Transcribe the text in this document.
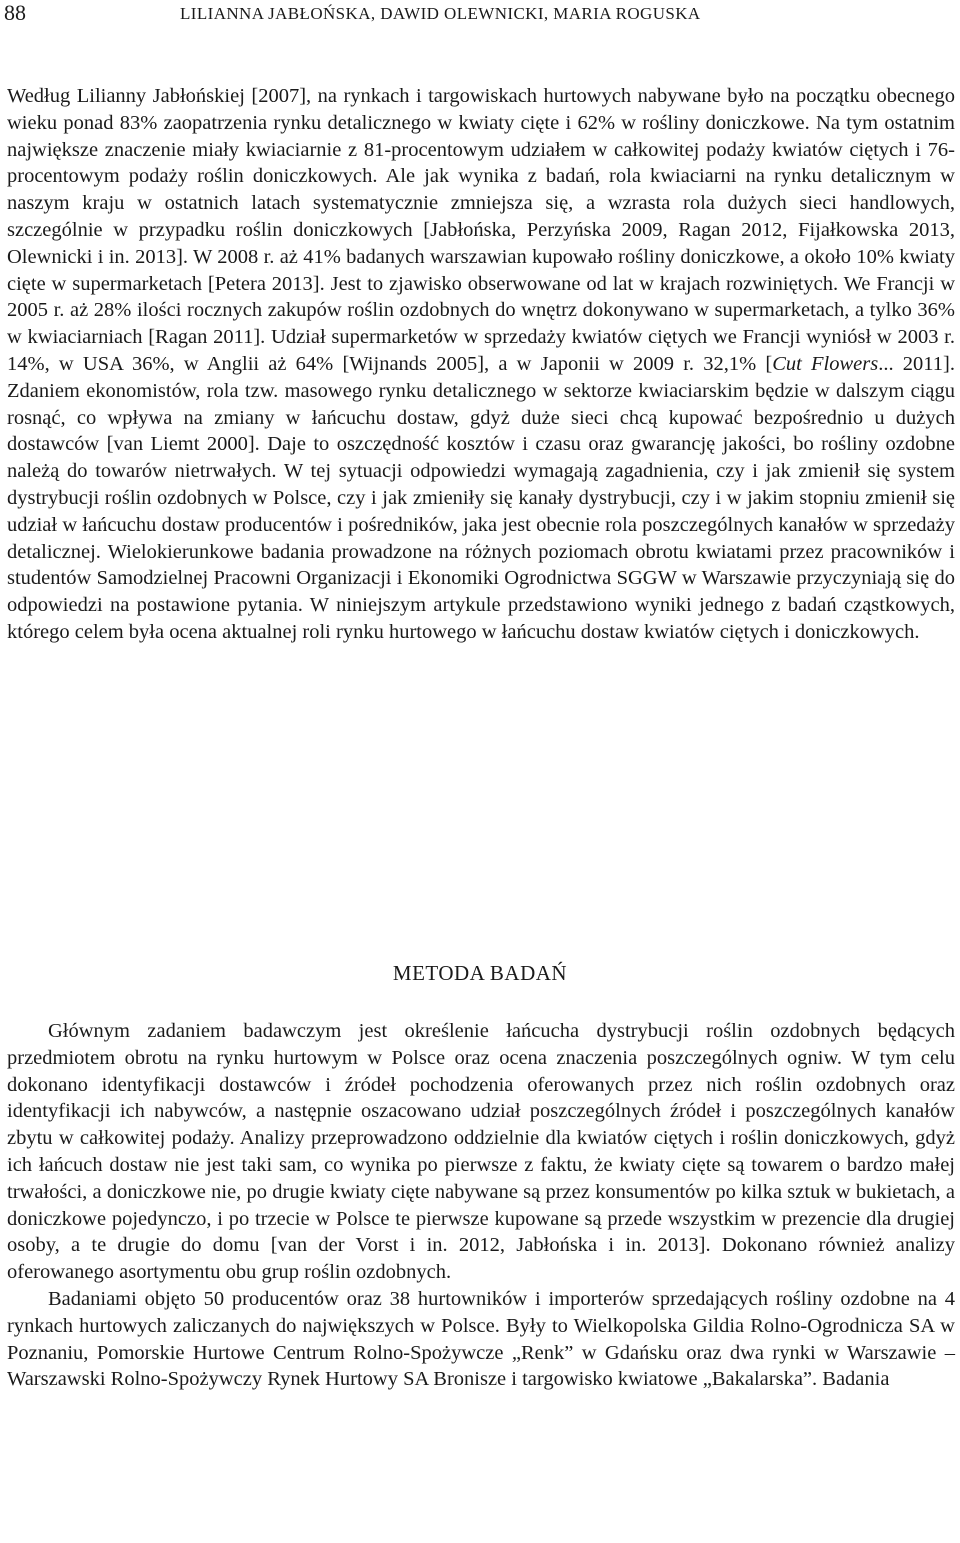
88	LILIANNA JABŁOŃSKA, DAWID OLEWNICKI, MARIA ROGUSKA

Według Lilianny Jabłońskiej [2007], na rynkach i targowiskach hurtowych nabywane było na początku obecnego wieku ponad 83% zaopatrzenia rynku detalicznego w kwiaty cięte i 62% w rośliny doniczkowe. Na tym ostatnim największe znaczenie miały kwiaciarnie z 81-procentowym udziałem w całkowitej podaży kwiatów ciętych i 76-procentowym podaży roślin doniczkowych. Ale jak wynika z badań, rola kwiaciarni na rynku detalicznym w naszym kraju w ostatnich latach systematycznie zmniejsza się, a wzrasta rola dużych sieci handlowych, szczególnie w przypadku roślin doniczkowych [Jabłońska, Perzyńska 2009, Ragan 2012, Fijałkowska 2013, Olewnicki i in. 2013]. W 2008 r. aż 41% badanych warszawian kupowało rośliny doniczkowe, a około 10% kwiaty cięte w supermarketach [Petera 2013]. Jest to zjawisko obserwowane od lat w krajach rozwiniętych. We Francji w 2005 r. aż 28% ilości rocznych zakupów roślin ozdobnych do wnętrz dokonywano w supermarketach, a tylko 36% w kwiaciarniach [Ragan 2011]. Udział supermarketów w sprzedaży kwiatów ciętych we Francji wyniósł w 2003 r. 14%, w USA 36%, w Anglii aż 64% [Wijnands 2005], a w Japonii w 2009 r. 32,1% [Cut Flowers... 2011]. Zdaniem ekonomistów, rola tzw. masowego rynku detalicznego w sektorze kwiaciarskim będzie w dalszym ciągu rosnąć, co wpływa na zmiany w łańcuchu dostaw, gdyż duże sieci chcą kupować bezpośrednio u dużych dostawców [van Liemt 2000]. Daje to oszczędność kosztów i czasu oraz gwarancję jakości, bo rośliny ozdobne należą do towarów nietrwałych. W tej sytuacji odpowiedzi wymagają zagadnienia, czy i jak zmienił się system dystrybucji roślin ozdobnych w Polsce, czy i jak zmieniły się kanały dystrybucji, czy i w jakim stopniu zmienił się udział w łańcuchu dostaw producentów i pośredników, jaka jest obecnie rola poszczególnych kanałów w sprzedaży detalicznej. Wielokierunkowe badania prowadzone na różnych poziomach obrotu kwiatami przez pracowników i studentów Samodzielnej Pracowni Organizacji i Ekonomiki Ogrodnictwa SGGW w Warszawie przyczyniają się do odpowiedzi na postawione pytania. W niniejszym artykule przedstawiono wyniki jednego z badań cząstkowych, którego celem była ocena aktualnej roli rynku hurtowego w łańcuchu dostaw kwiatów ciętych i doniczkowych.

METODA BADAŃ

Głównym zadaniem badawczym jest określenie łańcucha dystrybucji roślin ozdobnych będących przedmiotem obrotu na rynku hurtowym w Polsce oraz ocena znaczenia poszczególnych ogniw. W tym celu dokonano identyfikacji dostawców i źródeł pochodzenia oferowanych przez nich roślin ozdobnych oraz identyfikacji ich nabywców, a następnie oszacowano udział poszczególnych źródeł i poszczególnych kanałów zbytu w całkowitej podaży. Analizy przeprowadzono oddzielnie dla kwiatów ciętych i roślin doniczkowych, gdyż ich łańcuch dostaw nie jest taki sam, co wynika po pierwsze z faktu, że kwiaty cięte są towarem o bardzo małej trwałości, a doniczkowe nie, po drugie kwiaty cięte nabywane są przez konsumentów po kilka sztuk w bukietach, a doniczkowe pojedynczo, i po trzecie w Polsce te pierwsze kupowane są przede wszystkim w prezencie dla drugiej osoby, a te drugie do domu [van der Vorst i in. 2012, Jabłońska i in. 2013]. Dokonano również analizy oferowanego asortymentu obu grup roślin ozdobnych.

Badaniami objęto 50 producentów oraz 38 hurtowników i importerów sprzedających rośliny ozdobne na 4 rynkach hurtowych zaliczanych do największych w Polsce. Były to Wielkopolska Gildia Rolno-Ogrodnicza SA w Poznaniu, Pomorskie Hurtowe Centrum Rolno-Spożywcze „Renk” w Gdańsku oraz dwa rynki w Warszawie – Warszawski Rolno-Spożywczy Rynek Hurtowy SA Bronisze i targowisko kwiatowe „Bakalarska”. Badania
